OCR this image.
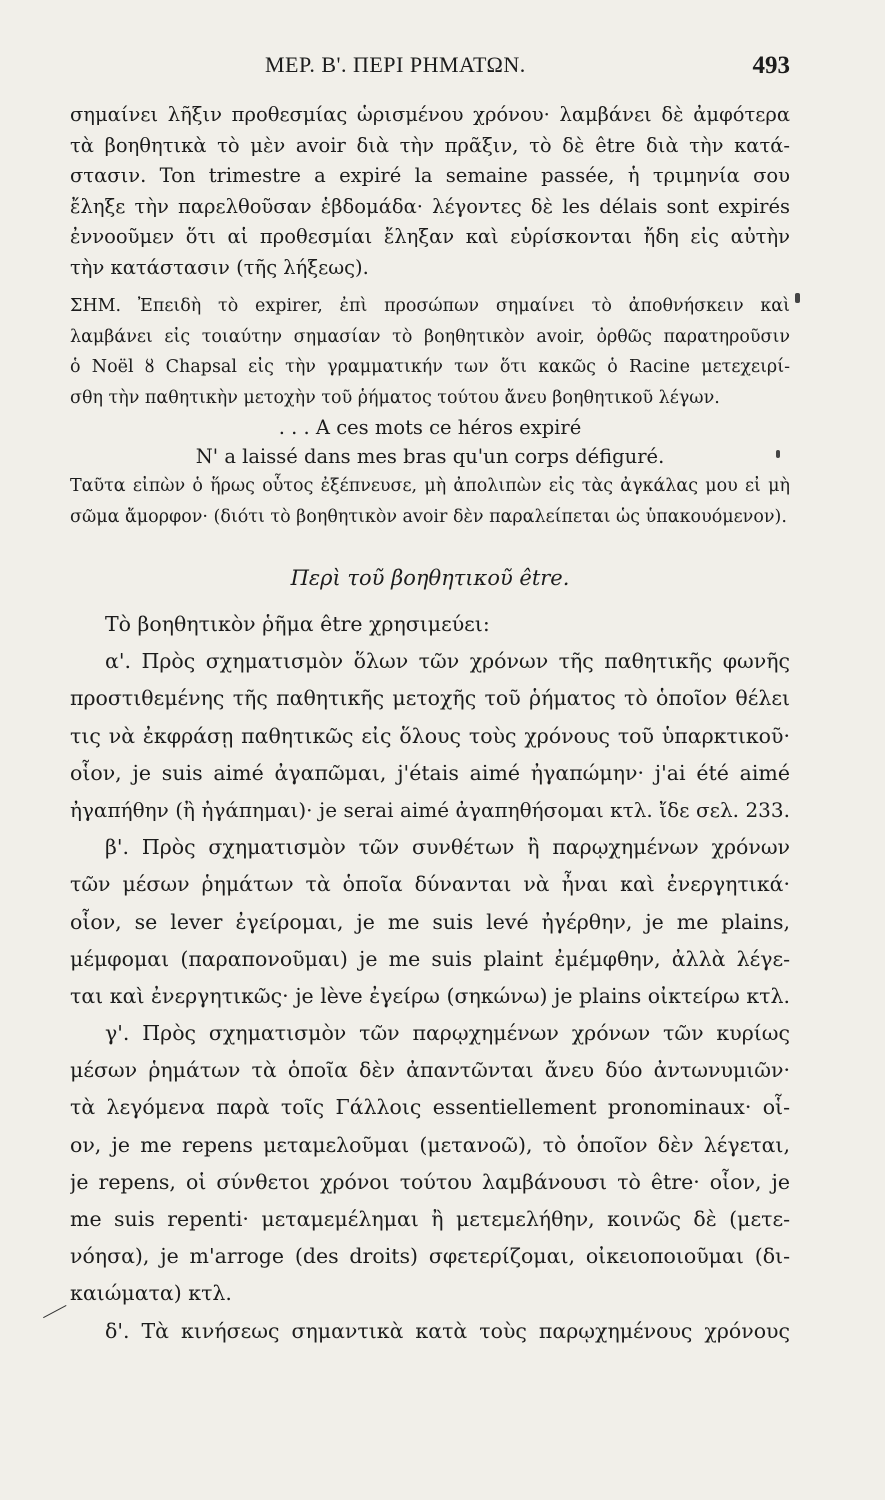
ΜΕΡ. Β'. ΠΕΡΙ ΡΗΜΑΤΩΝ.	493
σημαίνει λῆξιν προθεσμίας ὡρισμένου χρόνου· λαμβάνει δὲ ἀμφότερα
τὰ βοηθητικὰ τὸ μὲν avoir διὰ τὴν πρᾶξιν, τὸ δὲ être διὰ τὴν κατά-
στασιν. Ton trimestre a expiré la semaine passée, ἡ τριμηνία σου
ἔληξε τὴν παρελθοῦσαν ἑβδομάδα· λέγοντες δὲ les délais sont expirés
ἐννοοῦμεν ὅτι αἱ προθεσμίαι ἔληξαν καὶ εὑρίσκονται ἤδη εἰς αὐτὴν
τὴν κατάστασιν (τῆς λήξεως).
ΣΗΜ. Ἐπειδὴ τὸ expirer, ἐπὶ προσώπων σημαίνει τὸ ἀποθνήσκειν καὶ
λαμβάνει εἰς τοιαύτην σημασίαν τὸ βοηθητικὸν avoir, ὀρθῶς παρατηροῦσιν
ὁ Noël ȣ Chapsal εἰς τὴν γραμματικήν των ὅτι κακῶς ὁ Racine μετεχειρί-
σθη τὴν παθητικὴν μετοχὴν τοῦ ῥήματος τούτου ἄνευ βοηθητικοῦ λέγων.
. . . A ces mots ce héros expiré
N' a laissé dans mes bras qu'un corps défiguré.
Ταῦτα εἰπὼν ὁ ἥρως οὗτος ἐξέπνευσε, μὴ ἀπολιπὼν εἰς τὰς ἀγκάλας μου εἰ μὴ
σῶμα ἄμορφον· (διότι τὸ βοηθητικὸν avoir δὲν παραλείπεται ὡς ὑπακουόμενον).
Περὶ τοῦ βοηθητικοῦ être.
Τὸ βοηθητικὸν ῥῆμα être χρησιμεύει:
α'. Πρὸς σχηματισμὸν ὅλων τῶν χρόνων τῆς παθητικῆς φωνῆς
προστιθεμένης τῆς παθητικῆς μετοχῆς τοῦ ῥήματος τὸ ὁποῖον θέλει
τις νὰ ἐκφράσῃ παθητικῶς εἰς ὅλους τοὺς χρόνους τοῦ ὑπαρκτικοῦ·
οἷον, je suis aimé ἀγαπῶμαι, j'étais aimé ἠγαπώμην· j'ai été aimé
ἠγαπήθην (ἢ ἠγάπημαι)· je serai aimé ἀγαπηθήσομαι κτλ. ἴδε σελ. 233.
β'. Πρὸς σχηματισμὸν τῶν συνθέτων ἢ παρῳχημένων χρόνων
τῶν μέσων ῥημάτων τὰ ὁποῖα δύνανται νὰ ἦναι καὶ ἐνεργητικά·
οἷον, se lever ἐγείρομαι, je me suis levé ἠγέρθην, je me plains,
μέμφομαι (παραπονοῦμαι) je me suis plaint ἐμέμφθην, ἀλλὰ λέγε-
ται καὶ ἐνεργητικῶς· je lève ἐγείρω (σηκώνω) je plains οἰκτείρω κτλ.
γ'. Πρὸς σχηματισμὸν τῶν παρῳχημένων χρόνων τῶν κυρίως
μέσων ῥημάτων τὰ ὁποῖα δὲν ἀπαντῶνται ἄνευ δύο ἀντωνυμιῶν·
τὰ λεγόμενα παρὰ τοῖς Γάλλοις essentiellement pronominaux· οἷ-
ον, je me repens μεταμελοῦμαι (μετανοῶ), τὸ ὁποῖον δὲν λέγεται,
je repens, οἱ σύνθετοι χρόνοι τούτου λαμβάνουσι τὸ être· οἷον, je
me suis repenti· μεταμεμέλημαι ἢ μετεμελήθην, κοινῶς δὲ (μετε-
νόησα), je m'arroge (des droits) σφετερίζομαι, οἰκειοποιοῦμαι (δι-
καιώματα) κτλ.
δ'. Τὰ κινήσεως σημαντικὰ κατὰ τοὺς παρῳχημένους χρόνους
